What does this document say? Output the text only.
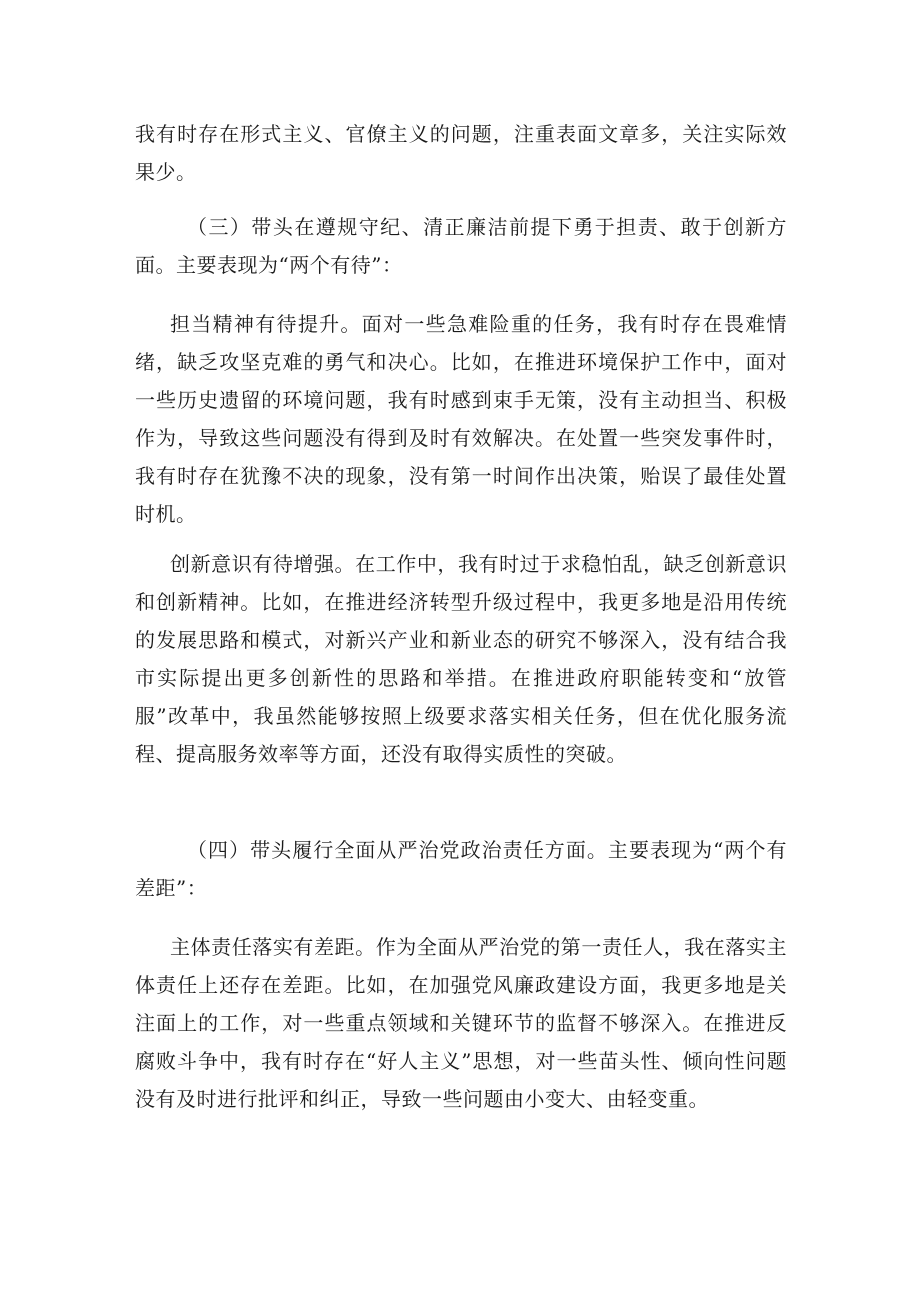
我有时存在形式主义、官僚主义的问题，注重表面文章多，关注实际效果少。

（三）带头在遵规守纪、清正廉洁前提下勇于担责、敢于创新方面。主要表现为“两个有待”：

担当精神有待提升。面对一些急难险重的任务，我有时存在畏难情绪，缺乏攻坚克难的勇气和决心。比如，在推进环境保护工作中，面对一些历史遗留的环境问题，我有时感到束手无策，没有主动担当、积极作为，导致这些问题没有得到及时有效解决。在处置一些突发事件时，我有时存在犹豫不决的现象，没有第一时间作出决策，贻误了最佳处置时机。

创新意识有待增强。在工作中，我有时过于求稳怕乱，缺乏创新意识和创新精神。比如，在推进经济转型升级过程中，我更多地是沿用传统的发展思路和模式，对新兴产业和新业态的研究不够深入，没有结合我市实际提出更多创新性的思路和举措。在推进政府职能转变和“放管服”改革中，我虽然能够按照上级要求落实相关任务，但在优化服务流程、提高服务效率等方面，还没有取得实质性的突破。

（四）带头履行全面从严治党政治责任方面。主要表现为“两个有差距”：

主体责任落实有差距。作为全面从严治党的第一责任人，我在落实主体责任上还存在差距。比如，在加强党风廉政建设方面，我更多地是关注面上的工作，对一些重点领域和关键环节的监督不够深入。在推进反腐败斗争中，我有时存在“好人主义”思想，对一些苗头性、倾向性问题没有及时进行批评和纠正，导致一些问题由小变大、由轻变重。
